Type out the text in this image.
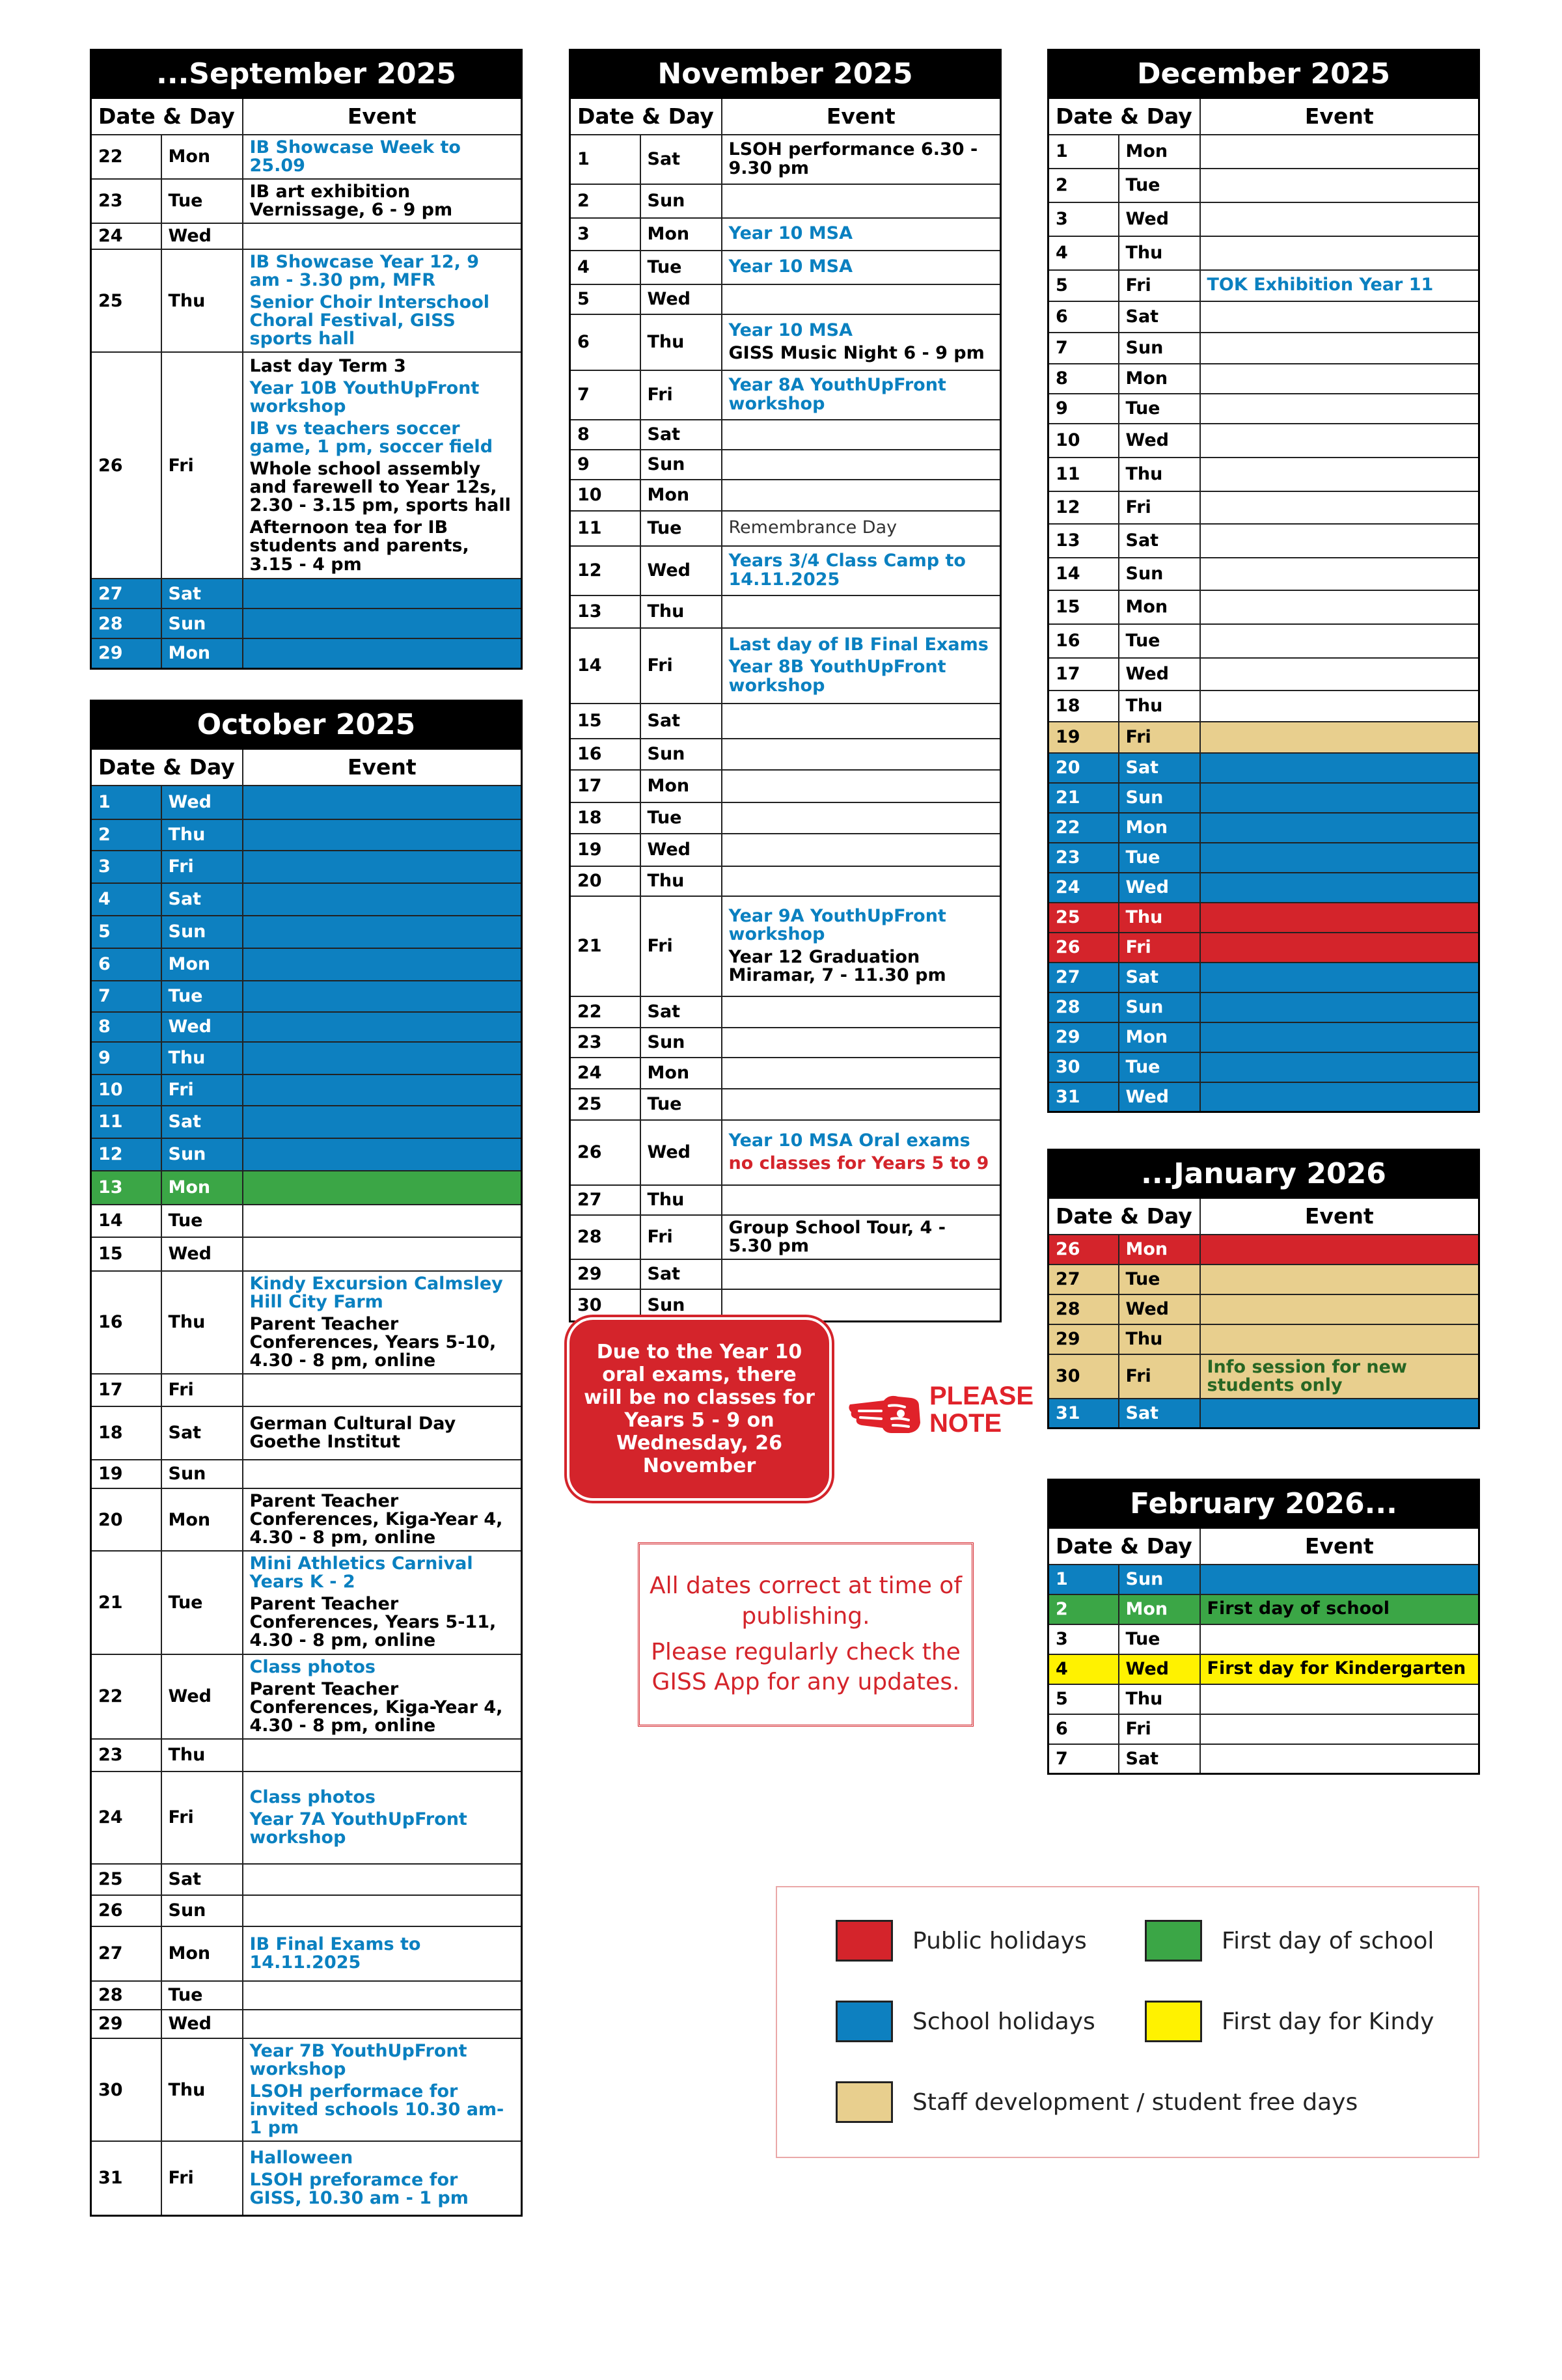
...September 2025		
Date & Day		Event
22	Mon	IB Showcase Week to 25.09

23	Tue	IB art exhibition Vernissage, 6 - 9 pm

24	Wed	
25	Thu	IB Showcase Year 12, 9 am - 3.30 pm, MFR
Senior Choir Interschool Choral Festival, GISS sports hall

26	Fri	Last day Term 3
Year 10B YouthUpFront workshop
IB vs teachers soccer game, 1 pm, soccer field
Whole school assembly and farewell to Year 12s, 2.30 - 3.15 pm, sports hall
Afternoon tea for IB students and parents, 3.15 - 4 pm

27	Sat	
28	Sun	
29	Mon	
October 2025		
Date & Day		Event
1	Wed	
2	Thu	
3	Fri	
4	Sat	
5	Sun	
6	Mon	
7	Tue	
8	Wed	
9	Thu	
10	Fri	
11	Sat	
12	Sun	
13	Mon	
14	Tue	
15	Wed	
16	Thu	Kindy Excursion Calmsley Hill City Farm
Parent Teacher Conferences, Years 5-10, 4.30 - 8 pm, online

17	Fri	
18	Sat	German Cultural Day Goethe Institut

19	Sun	
20	Mon	Parent Teacher Conferences, Kiga-Year 4, 4.30 - 8 pm, online

21	Tue	Mini Athletics Carnival Years K - 2
Parent Teacher Conferences, Years 5-11, 4.30 - 8 pm, online

22	Wed	Class photos
Parent Teacher Conferences, Kiga-Year 4, 4.30 - 8 pm, online

23	Thu	
24	Fri	Class photos
Year 7A YouthUpFront workshop

25	Sat	
26	Sun	
27	Mon	IB Final Exams to 14.11.2025

28	Tue	
29	Wed	
30	Thu	Year 7B YouthUpFront workshop
LSOH performace for invited schools 10.30 am- 1 pm

31	Fri	Halloween
LSOH preforamce for GISS, 10.30 am - 1 pm
November 2025		
Date & Day		Event
1	Sat	LSOH performance 6.30 - 9.30 pm

2	Sun	
3	Mon	Year 10 MSA

4	Tue	Year 10 MSA

5	Wed	
6	Thu	Year 10 MSA
GISS Music Night 6 - 9 pm

7	Fri	Year 8A YouthUpFront workshop

8	Sat	
9	Sun	
10	Mon	
11	Tue	Remembrance Day

12	Wed	Years 3/4 Class Camp to 14.11.2025

13	Thu	
14	Fri	Last day of IB Final Exams
Year 8B YouthUpFront workshop

15	Sat	
16	Sun	
17	Mon	
18	Tue	
19	Wed	
20	Thu	
21	Fri	Year 9A YouthUpFront workshop
Year 12 Graduation Miramar, 7 - 11.30 pm

22	Sat	
23	Sun	
24	Mon	
25	Tue	
26	Wed	Year 10 MSA Oral exams
no classes for Years 5 to 9

27	Thu	
28	Fri	Group School Tour, 4 - 5.30 pm

29	Sat	
30	Sun	
December 2025		
Date & Day		Event
1	Mon	
2	Tue	
3	Wed	
4	Thu	
5	Fri	TOK Exhibition Year 11

6	Sat	
7	Sun	
8	Mon	
9	Tue	
10	Wed	
11	Thu	
12	Fri	
13	Sat	
14	Sun	
15	Mon	
16	Tue	
17	Wed	
18	Thu	
19	Fri	
20	Sat	
21	Sun	
22	Mon	
23	Tue	
24	Wed	
25	Thu	
26	Fri	
27	Sat	
28	Sun	
29	Mon	
30	Tue	
31	Wed	
...January 2026		
Date & Day		Event
26	Mon	
27	Tue	
28	Wed	
29	Thu	
30	Fri	Info session for new students only

31	Sat	
February 2026...		
Date & Day		Event
1	Sun	
2	Mon	First day of school

3	Tue	
4	Wed	First day for Kindergarten

5	Thu	
6	Fri	
7	Sat	
Due to the Year 10 oral exams, there will be no classes for Years 5 - 9 on Wednesday, 26 November
PLEASE NOTE
All dates correct at time of publishing.
Please regularly check the GISS App for any updates.
Public holidays	First day of school
School holidays	First day for Kindy
Staff development / student free days
